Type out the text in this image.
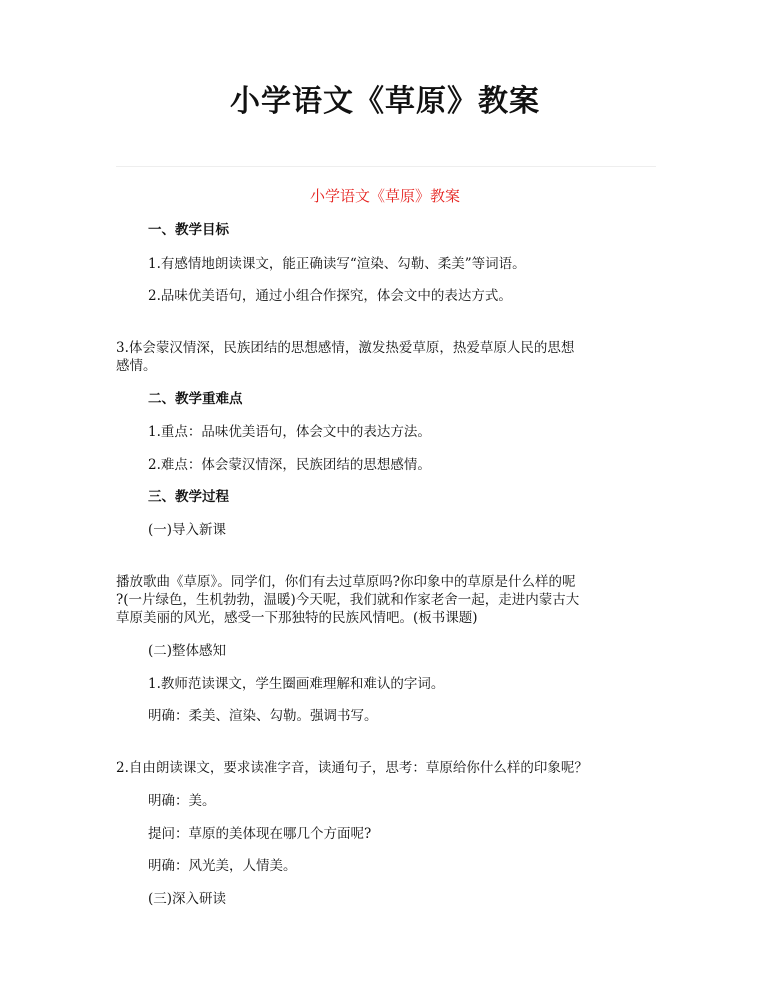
小学语文《草原》教案
小学语文《草原》教案
一、教学目标
1.有感情地朗读课文，能正确读写“渲染、勾勒、柔美”等词语。
2.品味优美语句，通过小组合作探究，体会文中的表达方式。
3.体会蒙汉情深，民族团结的思想感情，激发热爱草原，热爱草原人民的思想
感情。
二、教学重难点
1.重点：品味优美语句，体会文中的表达方法。
2.难点：体会蒙汉情深，民族团结的思想感情。
三、教学过程
(一)导入新课
播放歌曲《草原》。同学们，你们有去过草原吗?你印象中的草原是什么样的呢
?(一片绿色，生机勃勃，温暖)今天呢，我们就和作家老舍一起，走进内蒙古大
草原美丽的风光，感受一下那独特的民族风情吧。(板书课题)
(二)整体感知
1.教师范读课文，学生圈画难理解和难认的字词。
明确：柔美、渲染、勾勒。强调书写。
2.自由朗读课文，要求读准字音，读通句子，思考：草原给你什么样的印象呢？
明确：美。
提问：草原的美体现在哪几个方面呢?
明确：风光美，人情美。
(三)深入研读
